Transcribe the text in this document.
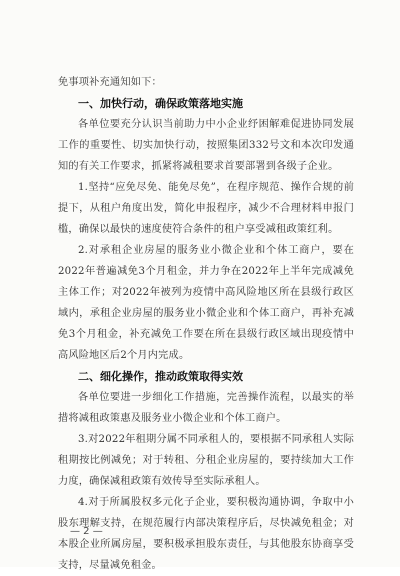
免事项补充通知如下：

一、加快行动，确保政策落地实施

各单位要充分认识当前助力中小企业纾困解难促进协同发展工作的重要性、切实加快行动，按照集团332号文和本次印发通知的有关工作要求，抓紧将减租要求首要部署到各级子企业。

1.坚持“应免尽免、能免尽免”，在程序规范、操作合规的前提下，从租户角度出发，简化申报程序，减少不合理材料申报门槛，确保以最快的速度使符合条件的租户享受减租政策红利。

2.对承租企业房屋的服务业小微企业和个体工商户，要在2022年普遍减免3个月租金，并力争在2022年上半年完成减免主体工作；对2022年被列为疫情中高风险地区所在县级行政区域内，承租企业房屋的服务业小微企业和个体工商户，再补充减免3个月租金，补充减免工作要在所在县级行政区域出现疫情中高风险地区后2个月内完成。

二、细化操作，推动政策取得实效

各单位要进一步细化工作措施，完善操作流程，以最实的举措将减租政策惠及服务业小微企业和个体工商户。

3.对2022年租期分属不同承租人的，要根据不同承租人实际租期按比例减免；对于转租、分租企业房屋的，要持续加大工作力度，确保减租政策有效传导至实际承租人。

4.对于所属股权多元化子企业，要积极沟通协调，争取中小股东理解支持，在规范履行内部决策程序后，尽快减免租金；对本股企业所属房屋，要积极承担股东责任，与其他股东协商享受支持，尽量减免租金。

— 2 —
